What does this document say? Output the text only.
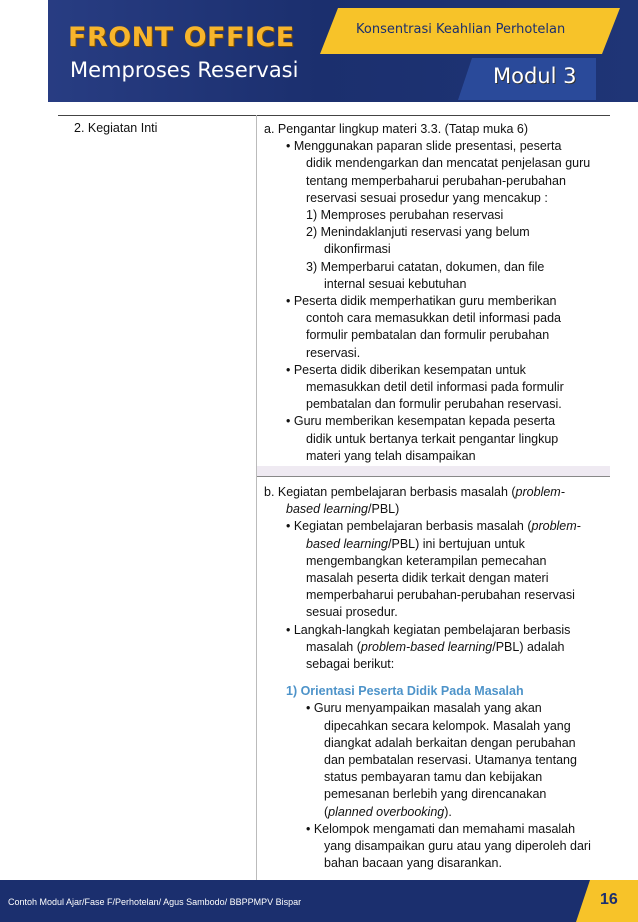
FRONT OFFICE
Memproses Reservasi
Konsentrasi Keahlian Perhotelan
Modul 3
2. Kegiatan Inti	a. Pengantar lingkup materi 3.3. (Tatap muka 6)
• Menggunakan paparan slide presentasi, peserta
didik mendengarkan dan mencatat penjelasan guru
tentang memperbaharui perubahan-perubahan
reservasi sesuai prosedur yang mencakup :
1) Memproses perubahan reservasi
2) Menindaklanjuti reservasi yang belum
dikonfirmasi
3) Memperbarui catatan, dokumen, dan file
internal sesuai kebutuhan
• Peserta didik memperhatikan guru memberikan
contoh cara memasukkan detil informasi pada
formulir pembatalan dan formulir perubahan
reservasi.
• Peserta didik diberikan kesempatan untuk
memasukkan detil detil informasi pada formulir
pembatalan dan formulir perubahan reservasi.
• Guru memberikan kesempatan kepada peserta
didik untuk bertanya terkait pengantar lingkup
materi yang telah disampaikan
b. Kegiatan pembelajaran berbasis masalah (problem-
based learning/PBL)
• Kegiatan pembelajaran berbasis masalah (problem-
based learning/PBL) ini bertujuan untuk
mengembangkan keterampilan pemecahan
masalah peserta didik terkait dengan materi
memperbaharui perubahan-perubahan reservasi
sesuai prosedur.
• Langkah-langkah kegiatan pembelajaran berbasis
masalah (problem-based learning/PBL) adalah
sebagai berikut:
1) Orientasi Peserta Didik Pada Masalah
• Guru menyampaikan masalah yang akan
dipecahkan secara kelompok. Masalah yang
diangkat adalah berkaitan dengan perubahan
dan pembatalan reservasi. Utamanya tentang
status pembayaran tamu dan kebijakan
pemesanan berlebih yang direncanakan
(planned overbooking).
• Kelompok mengamati dan memahami masalah
yang disampaikan guru atau yang diperoleh dari
bahan bacaan yang disarankan.
Contoh Modul Ajar/Fase F/Perhotelan/ Agus Sambodo/ BBPPMPV Bispar	16
